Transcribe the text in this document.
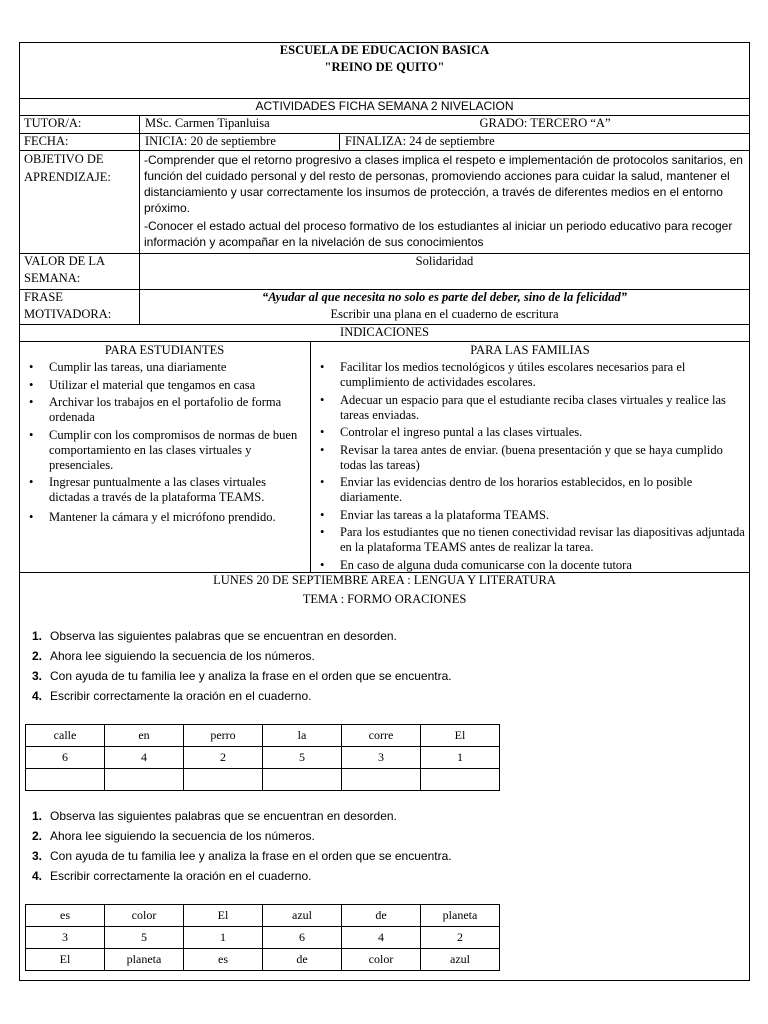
ESCUELA DE EDUCACION BASICA
"REINO DE QUITO"
ACTIVIDADES FICHA SEMANA 2 NIVELACION
TUTOR/A:	MSc. Carmen Tipanluisa	GRADO: TERCERO “A”
FECHA:	INICIA: 20 de septiembre	FINALIZA: 24 de septiembre
OBJETIVO DE
APRENDIZAJE:
-Comprender que el retorno progresivo a clases implica el respeto e implementación de protocolos sanitarios, en función del cuidado personal y del resto de personas, promoviendo acciones para cuidar la salud, mantener el distanciamiento y usar correctamente los insumos de protección, a través de diferentes medios en el entorno próximo.
-Conocer el estado actual del proceso formativo de los estudiantes al iniciar un periodo educativo para recoger información y acompañar en la nivelación de sus conocimientos
VALOR DE LA
SEMANA:
Solidaridad
FRASE
MOTIVADORA:
“Ayudar al que necesita no solo es parte del deber, sino de la felicidad”
Escribir una plana en el cuaderno de escritura
INDICACIONES
PARA ESTUDIANTES	PARA LAS FAMILIAS
• Cumplir las tareas, una diariamente
• Utilizar el material que tengamos en casa
• Archivar los trabajos en el portafolio de forma ordenada
• Cumplir con los compromisos de normas de buen comportamiento en las clases virtuales y presenciales.
• Ingresar puntualmente a las clases virtuales dictadas a través de la plataforma TEAMS.
• Mantener la cámara y el micrófono prendido.
• Facilitar los medios tecnológicos y útiles escolares necesarios para el cumplimiento de actividades escolares.
• Adecuar un espacio para que el estudiante reciba clases virtuales y realice las tareas enviadas.
• Controlar el ingreso puntal a las clases virtuales.
• Revisar la tarea antes de enviar. (buena presentación y que se haya cumplido todas las tareas)
• Enviar las evidencias dentro de los horarios establecidos, en lo posible diariamente.
• Enviar las tareas a la plataforma TEAMS.
• Para los estudiantes que no tienen conectividad revisar las diapositivas adjuntada en la plataforma TEAMS antes de realizar la tarea.
• En caso de alguna duda comunicarse con la docente tutora
LUNES 20 DE SEPTIEMBRE AREA : LENGUA Y LITERATURA
TEMA : FORMO ORACIONES
1. Observa las siguientes palabras que se encuentran en desorden.
2. Ahora lee siguiendo la secuencia de los números.
3. Con ayuda de tu familia lee y analiza la frase en el orden que se encuentra.
4. Escribir correctamente la oración en el cuaderno.
calle	en	perro	la	corre	El
6	4	2	5	3	1

1. Observa las siguientes palabras que se encuentran en desorden.
2. Ahora lee siguiendo la secuencia de los números.
3. Con ayuda de tu familia lee y analiza la frase en el orden que se encuentra.
4. Escribir correctamente la oración en el cuaderno.
es	color	El	azul	de	planeta
3	5	1	6	4	2
El	planeta	es	de	color	azul
